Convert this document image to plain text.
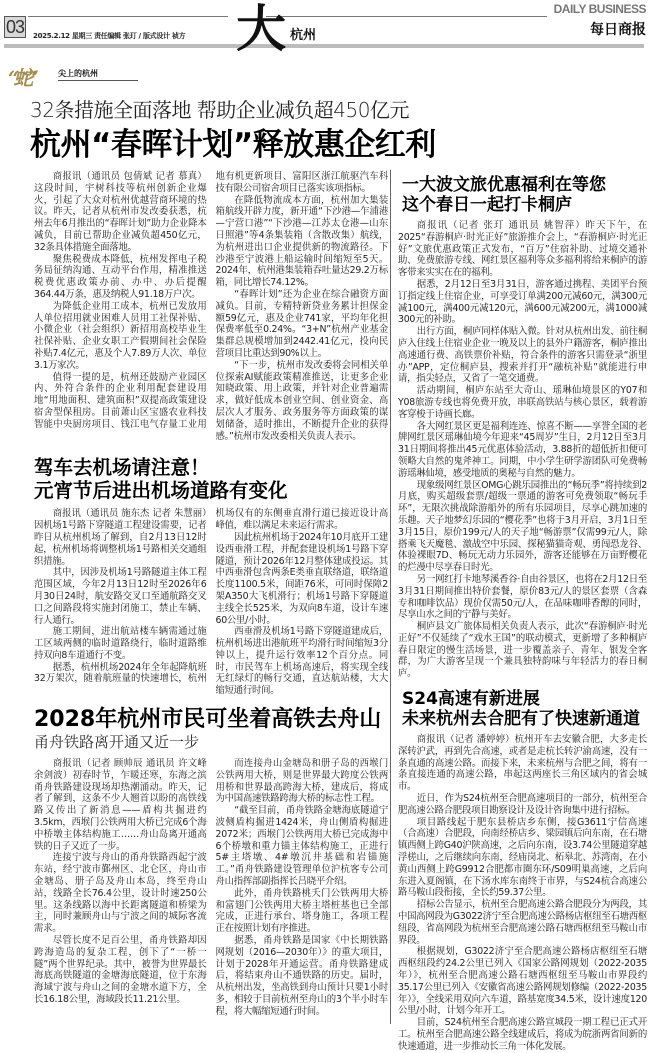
03 2025.2.12 星期三 责任编辑 张玎 / 版式设计 祯方 大 杭州
DAILY BUSINESS
每日商报
“蛇”	尖上的杭州
32条措施全面落地 帮助企业减负超450亿元
杭州“春晖计划”释放惠企红利

商报讯（通讯员 包倩斌 记者 慕真）这段时间，宇树科技等杭州创新企业爆火，引起了大众对杭州优越营商环境的热议。昨天，记者从杭州市发改委获悉，杭州去年6月推出的“春晖计划”助力企业降本减负，目前已帮助企业减负超450亿元，32条具体措施全面落地。

聚焦税费成本降低，杭州发挥电子税务局征纳沟通、互动平台作用，精准推送税费优惠政策办前、办中、办后提醒364.44万条，惠及纳税人91.18万户次。

为降低企业用工成本，杭州已发放用人单位招用就业困难人员用工社保补贴、小微企业（社会组织）新招用高校毕业生社保补贴、企业女职工产假期间社会保险补贴7.4亿元，惠及个人7.89万人次、单位3.1万家次。

值得一提的是，杭州还鼓励产业园区内、外符合条件的企业利用配套建设用地“用地面积、建筑面积”双提高政策建设宿舍型保租房。目前萧山区宝盛农业科技智能中央厨房项目、钱江电气存量工业用地有机更新项目、富阳区浙江航驱汽车科技有限公司宿舍项目已落实该项指标。

在降低物流成本方面，杭州加大集装箱航线开辟力度，新开通“下沙港—乍浦港—宁营口港”“下沙港—江苏太仓港—山东日照港”等4条集装箱（含散改集）航线，为杭州进出口企业提供新的物流路径。下沙港至宁波港上船运输时间缩短至5天。2024年，杭州港集装箱吞吐量达29.2万标箱，同比增长74.12%。

“春晖计划”还为企业在综合融资方面减负。目前，专精特新贷业务累计担保金额59亿元，惠及企业741家，平均年化担保费率低至0.24%。“3+N”杭州产业基金集群总规模增加到2442.41亿元，投向民营项目比重达到90%以上。

“下一步，杭州市发改委将会同相关单位探索AI赋能政策精准推送，让更多企业知晓政策、用上政策，并针对企业普遍需求，做好低成本创业空间、创业资金、高层次人才服务、政务服务等方面政策的谋划储备，适时推出，不断提升企业的获得感。”杭州市发改委相关负责人表示。

驾车去机场请注意！
元宵节后进出机场道路有变化

商报讯（通讯员 施东杰 记者 朱慧丽）因机场1号路下穿隧道工程建设需要，记者昨日从杭州机场了解到，自2月13日12时起，杭州机场将调整机场1号路相关交通组织措施。

其中，因涉及机场1号路隧道主体工程范围区域，今年2月13日12时至2026年6月30日24时，航安路交叉口至通航路交叉口之间路段将实施封闭施工，禁止车辆、行人通行。

施工期间，进出航站楼车辆需通过施工区域两侧的临时道路绕行，临时道路维持双向8车道通行不变。

据悉，杭州机场2024年全年起降航班32万架次，随着航班量的快速增长，杭州机场仅有的东侧垂直滑行道已接近设计高峰值，难以满足未来运行需求。

因此杭州机场于2024年10月底开工建设西垂滑工程，并配套建设机场1号路下穿隧道，预计2026年12月整体建成投运。其中西垂滑包含两条E类垂直联络道，联络道长度1100.5米，间距76米，可同时保障2架A350大飞机滑行；机场1号路下穿隧道主线全长525米，为双向8车道，设计车速60公里/小时。

西垂滑及机场1号路下穿隧道建成后，杭州机场进出港航班平均滑行时间缩短3分钟以上，提升运行效率12个百分点。同时，市民驾车上机场高速后，将实现全线无红绿灯的畅行交通，直达航站楼，大大缩短通行时间。

2028年杭州市民可坐着高铁去舟山
甬舟铁路离开通又近一步

商报讯（记者 顾帅辰 通讯员 许文峰 余剑波）初春时节，乍暖还寒，东海之滨甬舟铁路建设现场却热潮涌动。昨天，记者了解到，这条不少人翘首以盼的高铁线路又传出了新消息——盾构共掘进约3.5km，西堠门公铁两用大桥已完成6个海中桥墩主体结构施工……舟山岛离开通高铁的日子又近了一步。

连接宁波与舟山的甬舟铁路西起宁波东站，经宁波市鄞州区、北仑区，舟山市金塘岛、册子岛及舟山本岛，终至舟山站，线路全长76.4公里，设计时速250公里。这条线路以海中长距离隧道和桥梁为主，同时兼顾舟山与宁波之间的城际客流需求。

尽管长度不足百公里，甬舟铁路却因跨海造岛的复杂工程，创下了“一桥一隧”两个世界纪录。其中，被誉为世界最长海底高铁隧道的金塘海底隧道，位于东海海域宁波与舟山之间的金塘水道下方，全长16.18公里，海域段长11.21公里。

而连接舟山金塘岛和册子岛的西堠门公铁两用大桥，则是世界最大跨度公铁两用桥和世界最高跨海大桥，建成后，将成为中国高速铁路跨海大桥的标志性工程。

“截至目前，甬舟铁路金塘海底隧道宁波侧盾构掘进1424米，舟山侧盾构掘进2072米；西堠门公铁两用大桥已完成海中6个桥墩和重力锚主体结构施工，正进行5#主塔墩、4#墩沉井基础和岩锚施工。”甬舟铁路建设管理单位沪杭客专公司舟山指挥部副指挥长吕晓平介绍。

此外，甬舟铁路桃夭门公铁两用大桥和富翅门公铁两用大桥主塔桩基也已全部完成，正进行承台、塔身施工，各项工程正在按照计划有序推进。

据悉，甬舟铁路是国家《中长期铁路网规划（2016—2030年）》的重大项目，计划于2028年开通运营。甬舟铁路建成后，将结束舟山不通铁路的历史。届时，从杭州出发，坐高铁到舟山预计只要1小时多，相较于目前杭州至舟山的3个半小时车程，将大幅缩短通行时间。

一大波文旅优惠福利在等您
这个春日一起打卡桐庐

商报讯（记者 张玎 通讯员 姚智萍）昨天下午，在2025“春游桐庐·时光正好”旅游推介会上，“春游桐庐·时光正好”文旅优惠政策正式发布，“百万”住宿补助、过境交通补助、免费旅游专线、网红景区福利等众多福利将给来桐庐的游客带来实实在在的福利。

据悉，2月12日至3月31日，游客通过携程、美团平台预订指定线上住宿企业，可享受订单满200元减60元，满300元减100元，满400元减120元，满600元减200元，满1000减300元的补助。

出行方面，桐庐同样体贴入微。针对从杭州出发、前往桐庐入住线上住宿业企业一晚及以上的县外户籍游客，桐庐推出高速通行费、高铁票价补贴，符合条件的游客只需登录“浙里办”APP，定位桐庐县，搜索并打开“融杭补贴”就能进行申请，指尖轻点，又省了一笔交通费。

活动期间，桐庐东站至大奇山、瑶琳仙境景区的Y07和Y08旅游专线也将免费开放，串联高铁站与核心景区，载着游客穿梭于诗画长廊。

各大网红景区更是福利连连、惊喜不断——享誉全国的老牌网红景区瑶琳仙境今年迎来“45周岁”生日，2月12日至3月31日期间将推出45元优惠体验活动，3.88折的超低折扣便可领略大自然的鬼斧神工。同期，中小学生研学游团队可免费畅游瑶琳仙境，感受地质的奥秘与自然的魅力。

现象级网红景区OMG心跳乐园推出的“畅玩季”将持续到2月底，购买超级套票/超级一票通的游客可免费领取“畅玩手环”，无限次挑战除游船外的所有乐园项目，尽享心跳加速的乐趣。天子地梦幻乐园的“樱花季”也将于3月开启，3月1日至3月15日，原价199元/人的天子地“畅游票”仅需99元/人，除搭乘飞天魔毯、激战空中乐园、探秘猫猫奇观、勇闯恐龙谷、体验裸眼7D、畅玩无动力乐园外，游客还能够在万亩野樱花的烂漫中尽享春日时光。

另一网红打卡地琴溪香谷·自由谷景区，也将在2月12日至3月31日期间推出特价套餐，原价83元/人的景区套票（含森专和咖啡饮品）现价仅需50元/人，在品味咖啡香醇的同时，尽享山水之间的宁静与美好。

桐庐县文广旅体局相关负责人表示，此次“春游桐庐·时光正好”不仅延续了“戏水王国”的联动模式，更新增了多种桐庐春日限定的慢生活场景，进一步覆盖亲子、青年、银发全客群，为广大游客呈现一个兼具独特韵味与年轻活力的春日桐庐。

S24高速有新进展
未来杭州去合肥有了快速新通道

商报讯（记者 潘婷婷）杭州开车去安徽合肥，大多走长深转沪武，再到先合高速，或者是走杭长转沪渝高速，没有一条直通的高速公路。而接下来，未来杭州与合肥之间，将有一条直接连通的高速公路，串起这两座长三角区域内的省会城市。

近日，作为S24杭州至合肥高速项目的一部分，杭州至合肥高速公路合肥段项目勘察设计及设计咨询集中进行招标。

项目路线起于肥东县桥店乡东侧，接G3611宁信高速（合高速）合肥段，向南经桥店乡、梁园镇后向东南，在石塘镇西侧上跨G40沪陕高速，之后向东南，设3.74公里隧道穿越浮槎山，之后继续向东南，经庙岗北、柘皋北、苏湾南，在小黄山西侧上跨G9912合肥都市圈东环/S09明巢高速，之后向东进入夏阁镇，在下汤水库东南终于市界，与S24杭合高速公路马鞍山段衔接，全长约59.37公里。

招标公告显示，杭州至合肥高速公路合肥段分为两段，其中国高网段为G3022济宁至合肥高速公路杨店枢纽至石塘西枢纽段，省高网段为杭州至合肥高速公路石塘西枢纽至马鞍山市界段。

根据规划，G3022济宁至合肥高速公路杨店枢纽至石塘西枢纽段约24.2公里已列入《国家公路网规划（2022-2035年）》，杭州至合肥高速公路石塘西枢纽至马鞍山市界段约35.17公里已列入《安徽省高速公路网规划修编（2022-2035年）》，全线采用双向六车道，路基宽度34.5米，设计速度120公里/小时，计划今年开工。

目前，S24杭州至合肥高速公路宣城段一期工程已正式开工。杭州至合肥高速公路全线建成后，将成为皖浙两省间新的快速通道，进一步推动长三角一体化发展。
